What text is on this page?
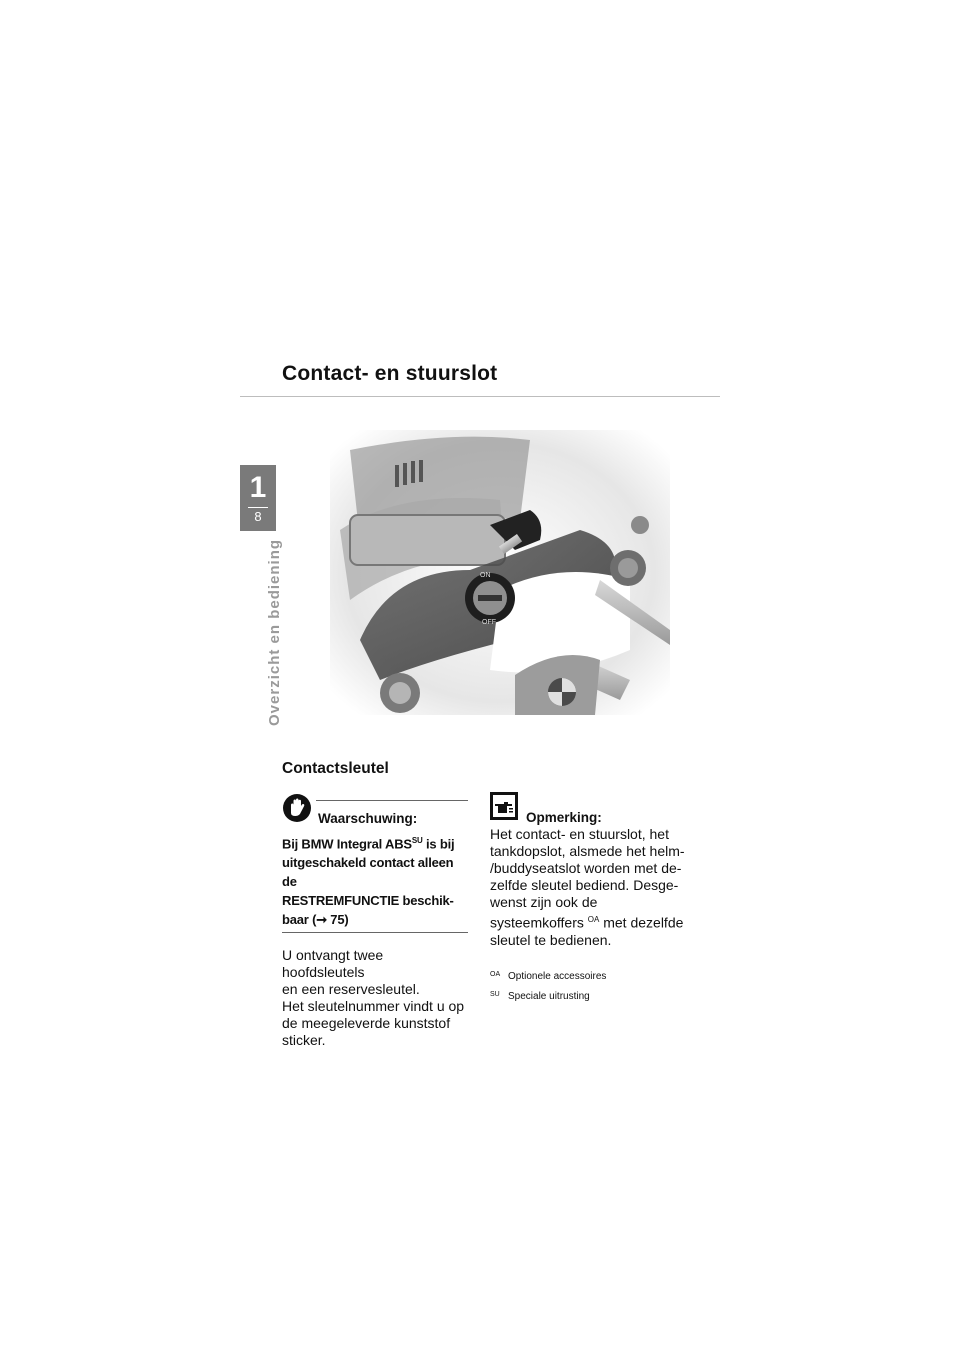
Contact- en stuurslot
1
8
Overzicht en bediening	ON
OFF
Contactsleutel
Waarschuwing:
Bij BMW Integral $ABS^{SU}$ is bij
uitgeschakeld contact alleen de
RESTREMFUNCTIE beschik-
baar (➞ 75)
U ontvangt twee hoofdsleutels
en een reservesleutel.
Het sleutelnummer vindt u op
de meegeleverde kunststof
sticker.
Opmerking:
Het contact- en stuurslot, het
tankdopslot, alsmede het helm-
/buddyseatslot worden met de-
zelfde sleutel bediend. Desge-
wenst zijn ook de
systeemkoffers $^{OA}$ met dezelfde
sleutel te bedienen.
OA Optionele accessoires
SU Speciale uitrusting
